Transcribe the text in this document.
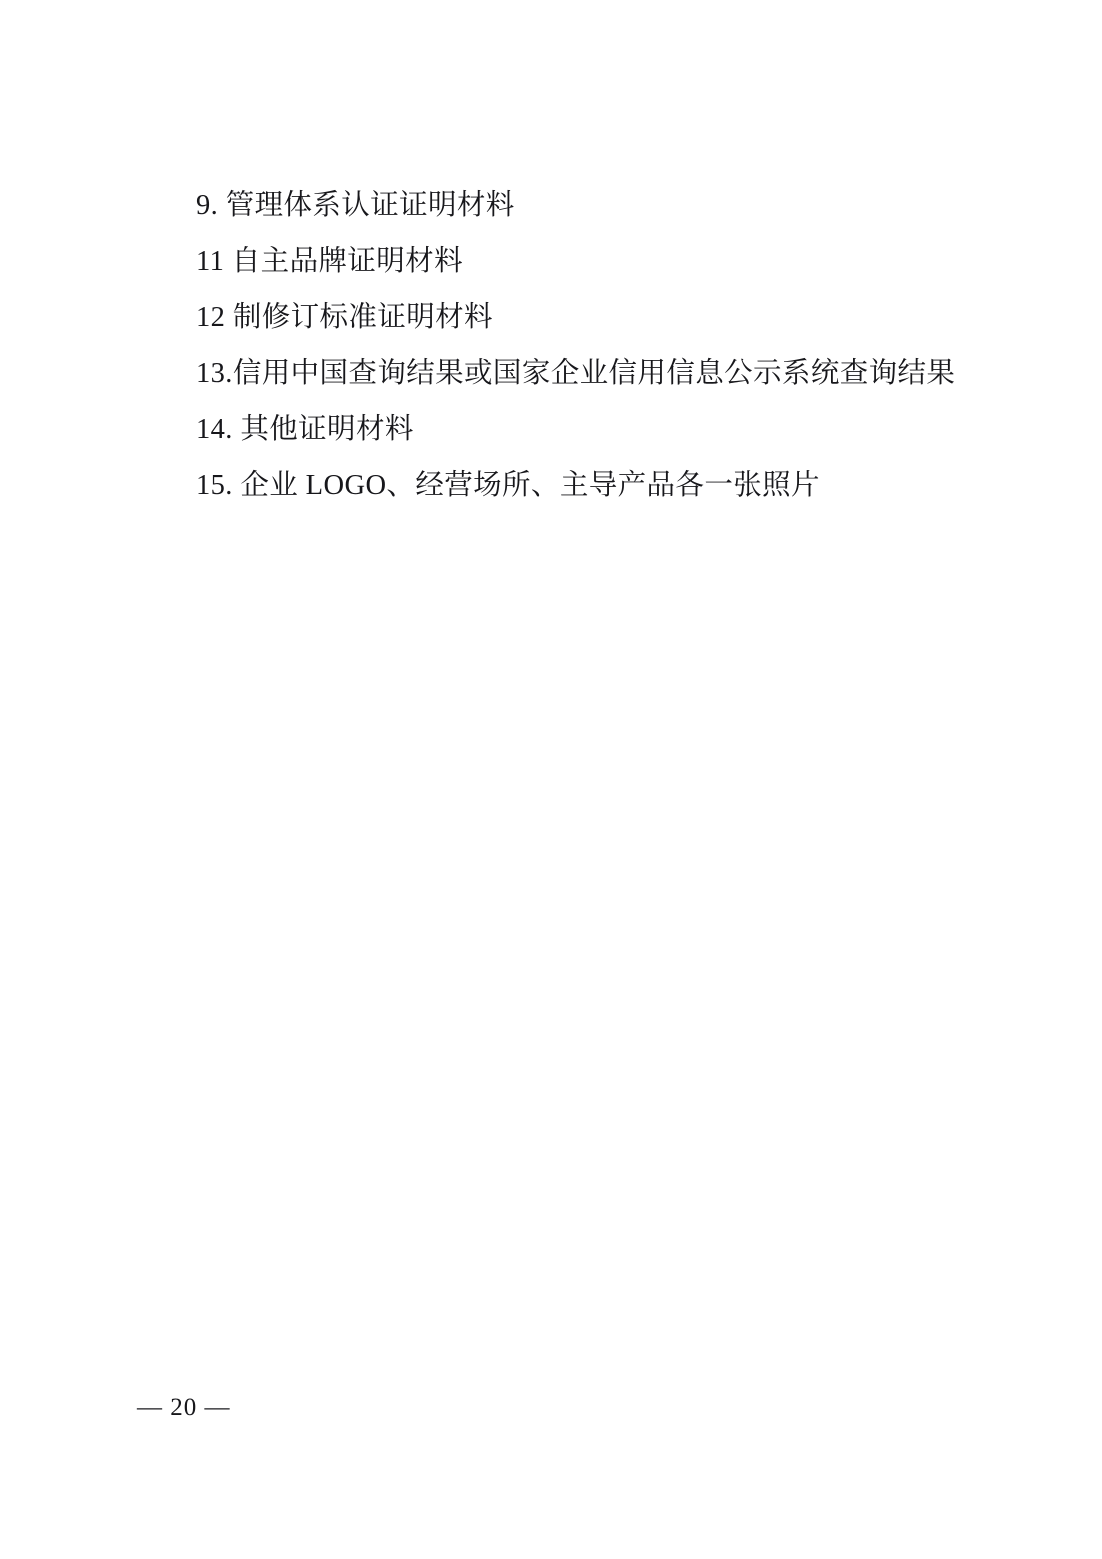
9. 管理体系认证证明材料
11 自主品牌证明材料
12 制修订标准证明材料
13.信用中国查询结果或国家企业信用信息公示系统查询结果
14. 其他证明材料
15. 企业 LOGO、经营场所、主导产品各一张照片
— 20 —
